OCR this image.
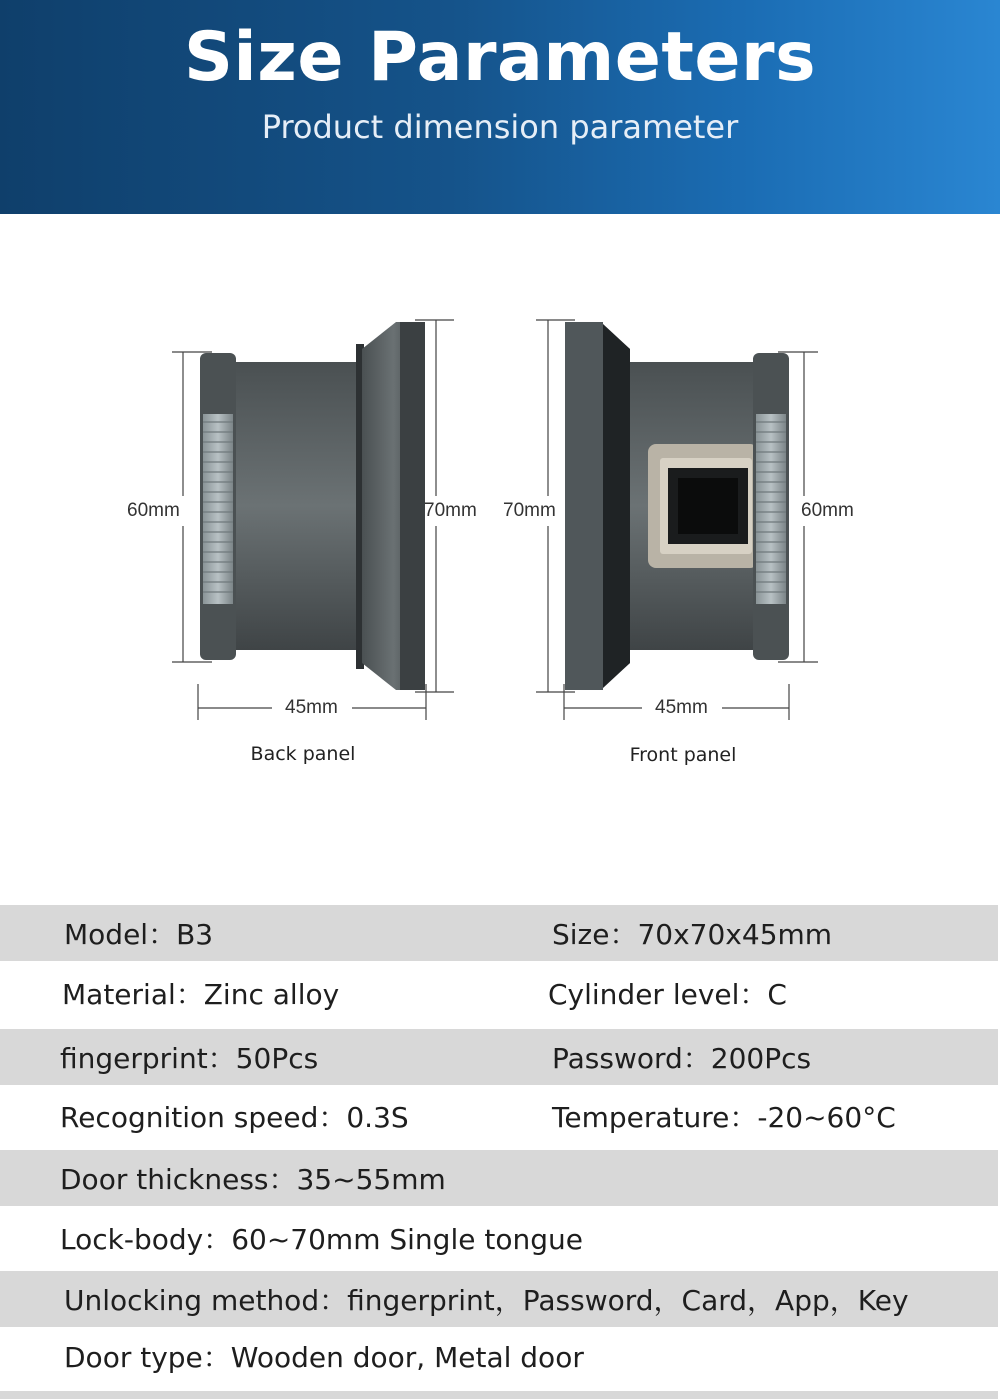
Size Parameters
Product dimension parameter
60mm	70mm
45mm
Back panel
70mm	60mm
45mm
Front panel
Model：B3	Size：70x70x45mm
Material：Zinc alloy	Cylinder level：C
fingerprint：50Pcs	Password：200Pcs
Recognition speed：0.3S	Temperature：-20~60°C
Door thickness：35~55mm
Lock-body：60~70mm Single tongue
Unlocking method：fingerprint，Password，Card，App，Key
Door type：Wooden door, Metal door
